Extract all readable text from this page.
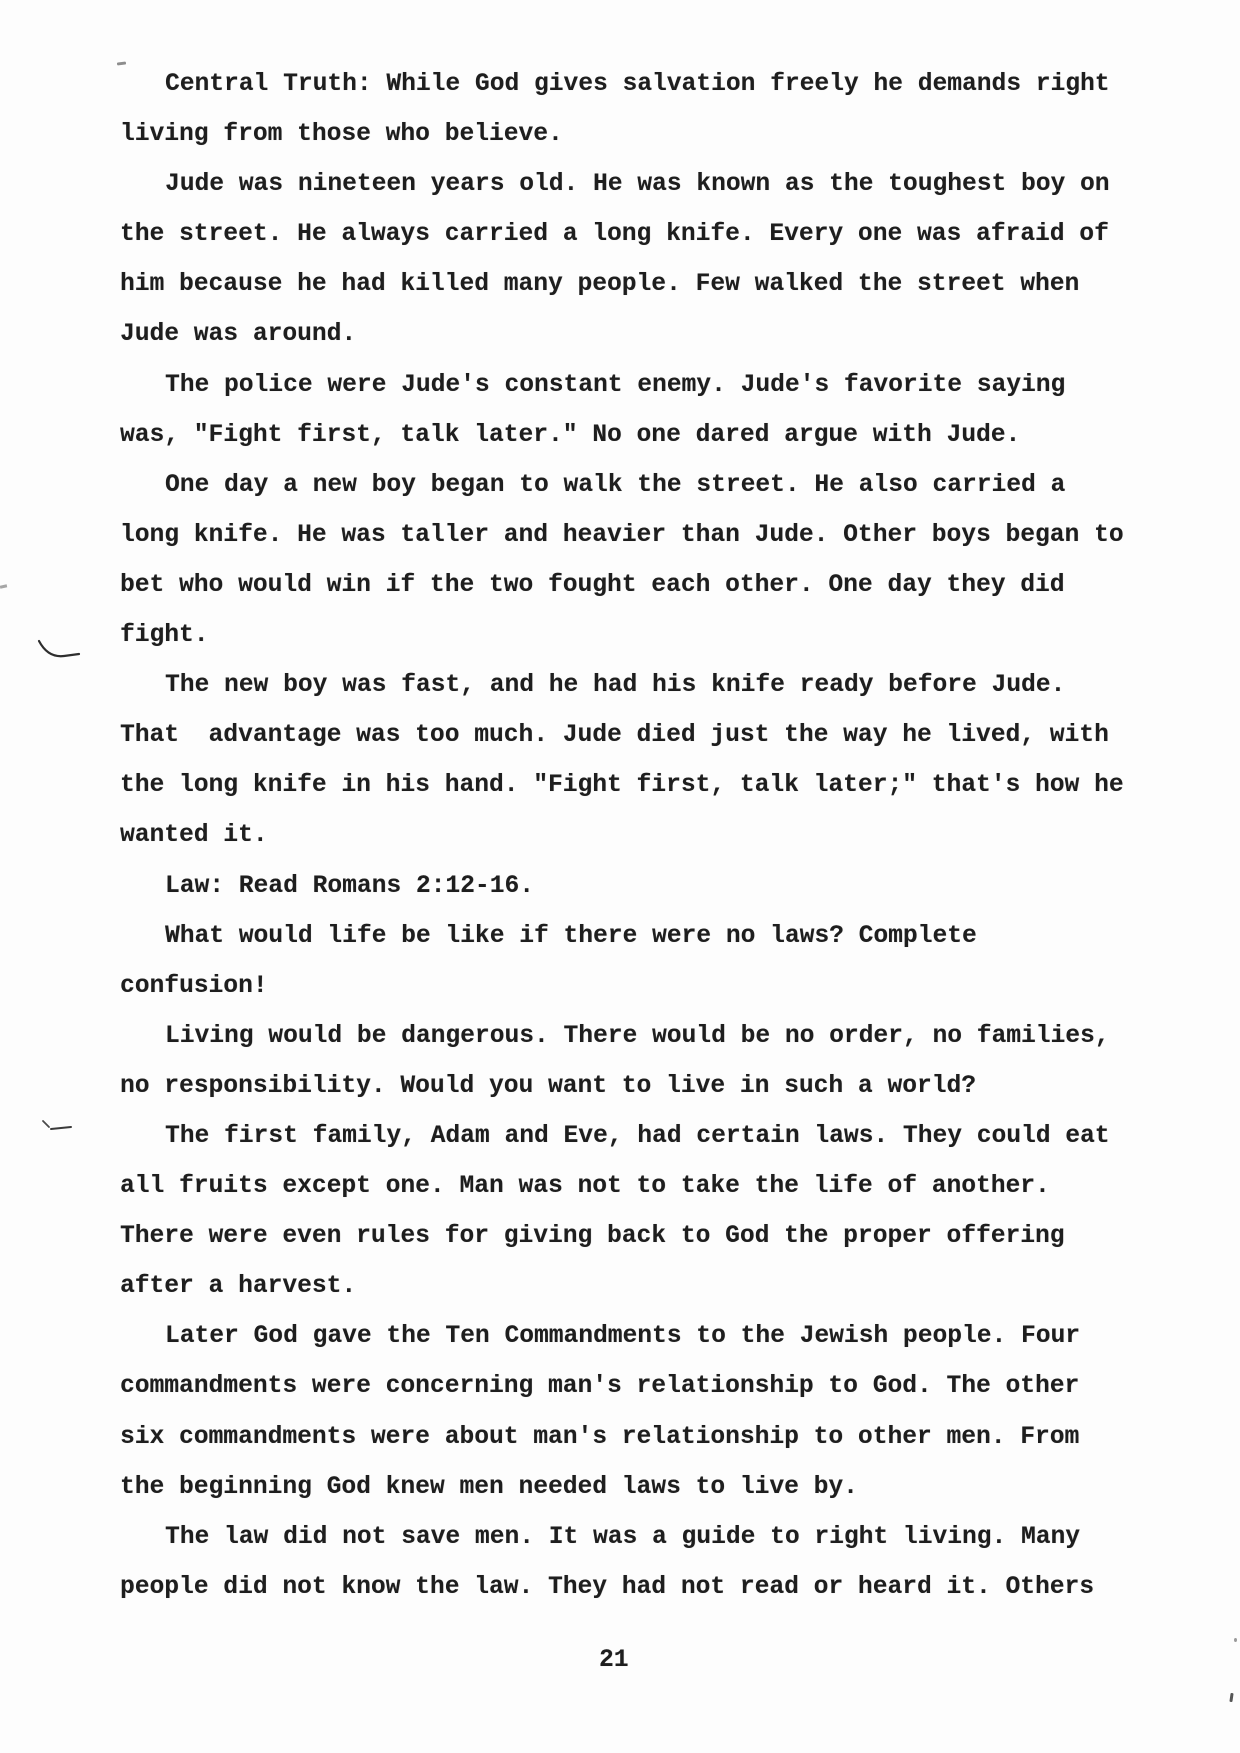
Central Truth: While God gives salvation freely he demands right
living from those who believe.
Jude was nineteen years old. He was known as the toughest boy on
the street. He always carried a long knife. Every one was afraid of
him because he had killed many people. Few walked the street when
Jude was around.
The police were Jude's constant enemy. Jude's favorite saying
was, "Fight first, talk later." No one dared argue with Jude.
One day a new boy began to walk the street. He also carried a
long knife. He was taller and heavier than Jude. Other boys began to
bet who would win if the two fought each other. One day they did
fight.
The new boy was fast, and he had his knife ready before Jude.
That  advantage was too much. Jude died just the way he lived, with
the long knife in his hand. "Fight first, talk later;" that's how he
wanted it.
Law: Read Romans 2:12-16.
What would life be like if there were no laws? Complete
confusion!
Living would be dangerous. There would be no order, no families,
no responsibility. Would you want to live in such a world?
The first family, Adam and Eve, had certain laws. They could eat
all fruits except one. Man was not to take the life of another.
There were even rules for giving back to God the proper offering
after a harvest.
Later God gave the Ten Commandments to the Jewish people. Four
commandments were concerning man's relationship to God. The other
six commandments were about man's relationship to other men. From
the beginning God knew men needed laws to live by.
The law did not save men. It was a guide to right living. Many
people did not know the law. They had not read or heard it. Others
21
